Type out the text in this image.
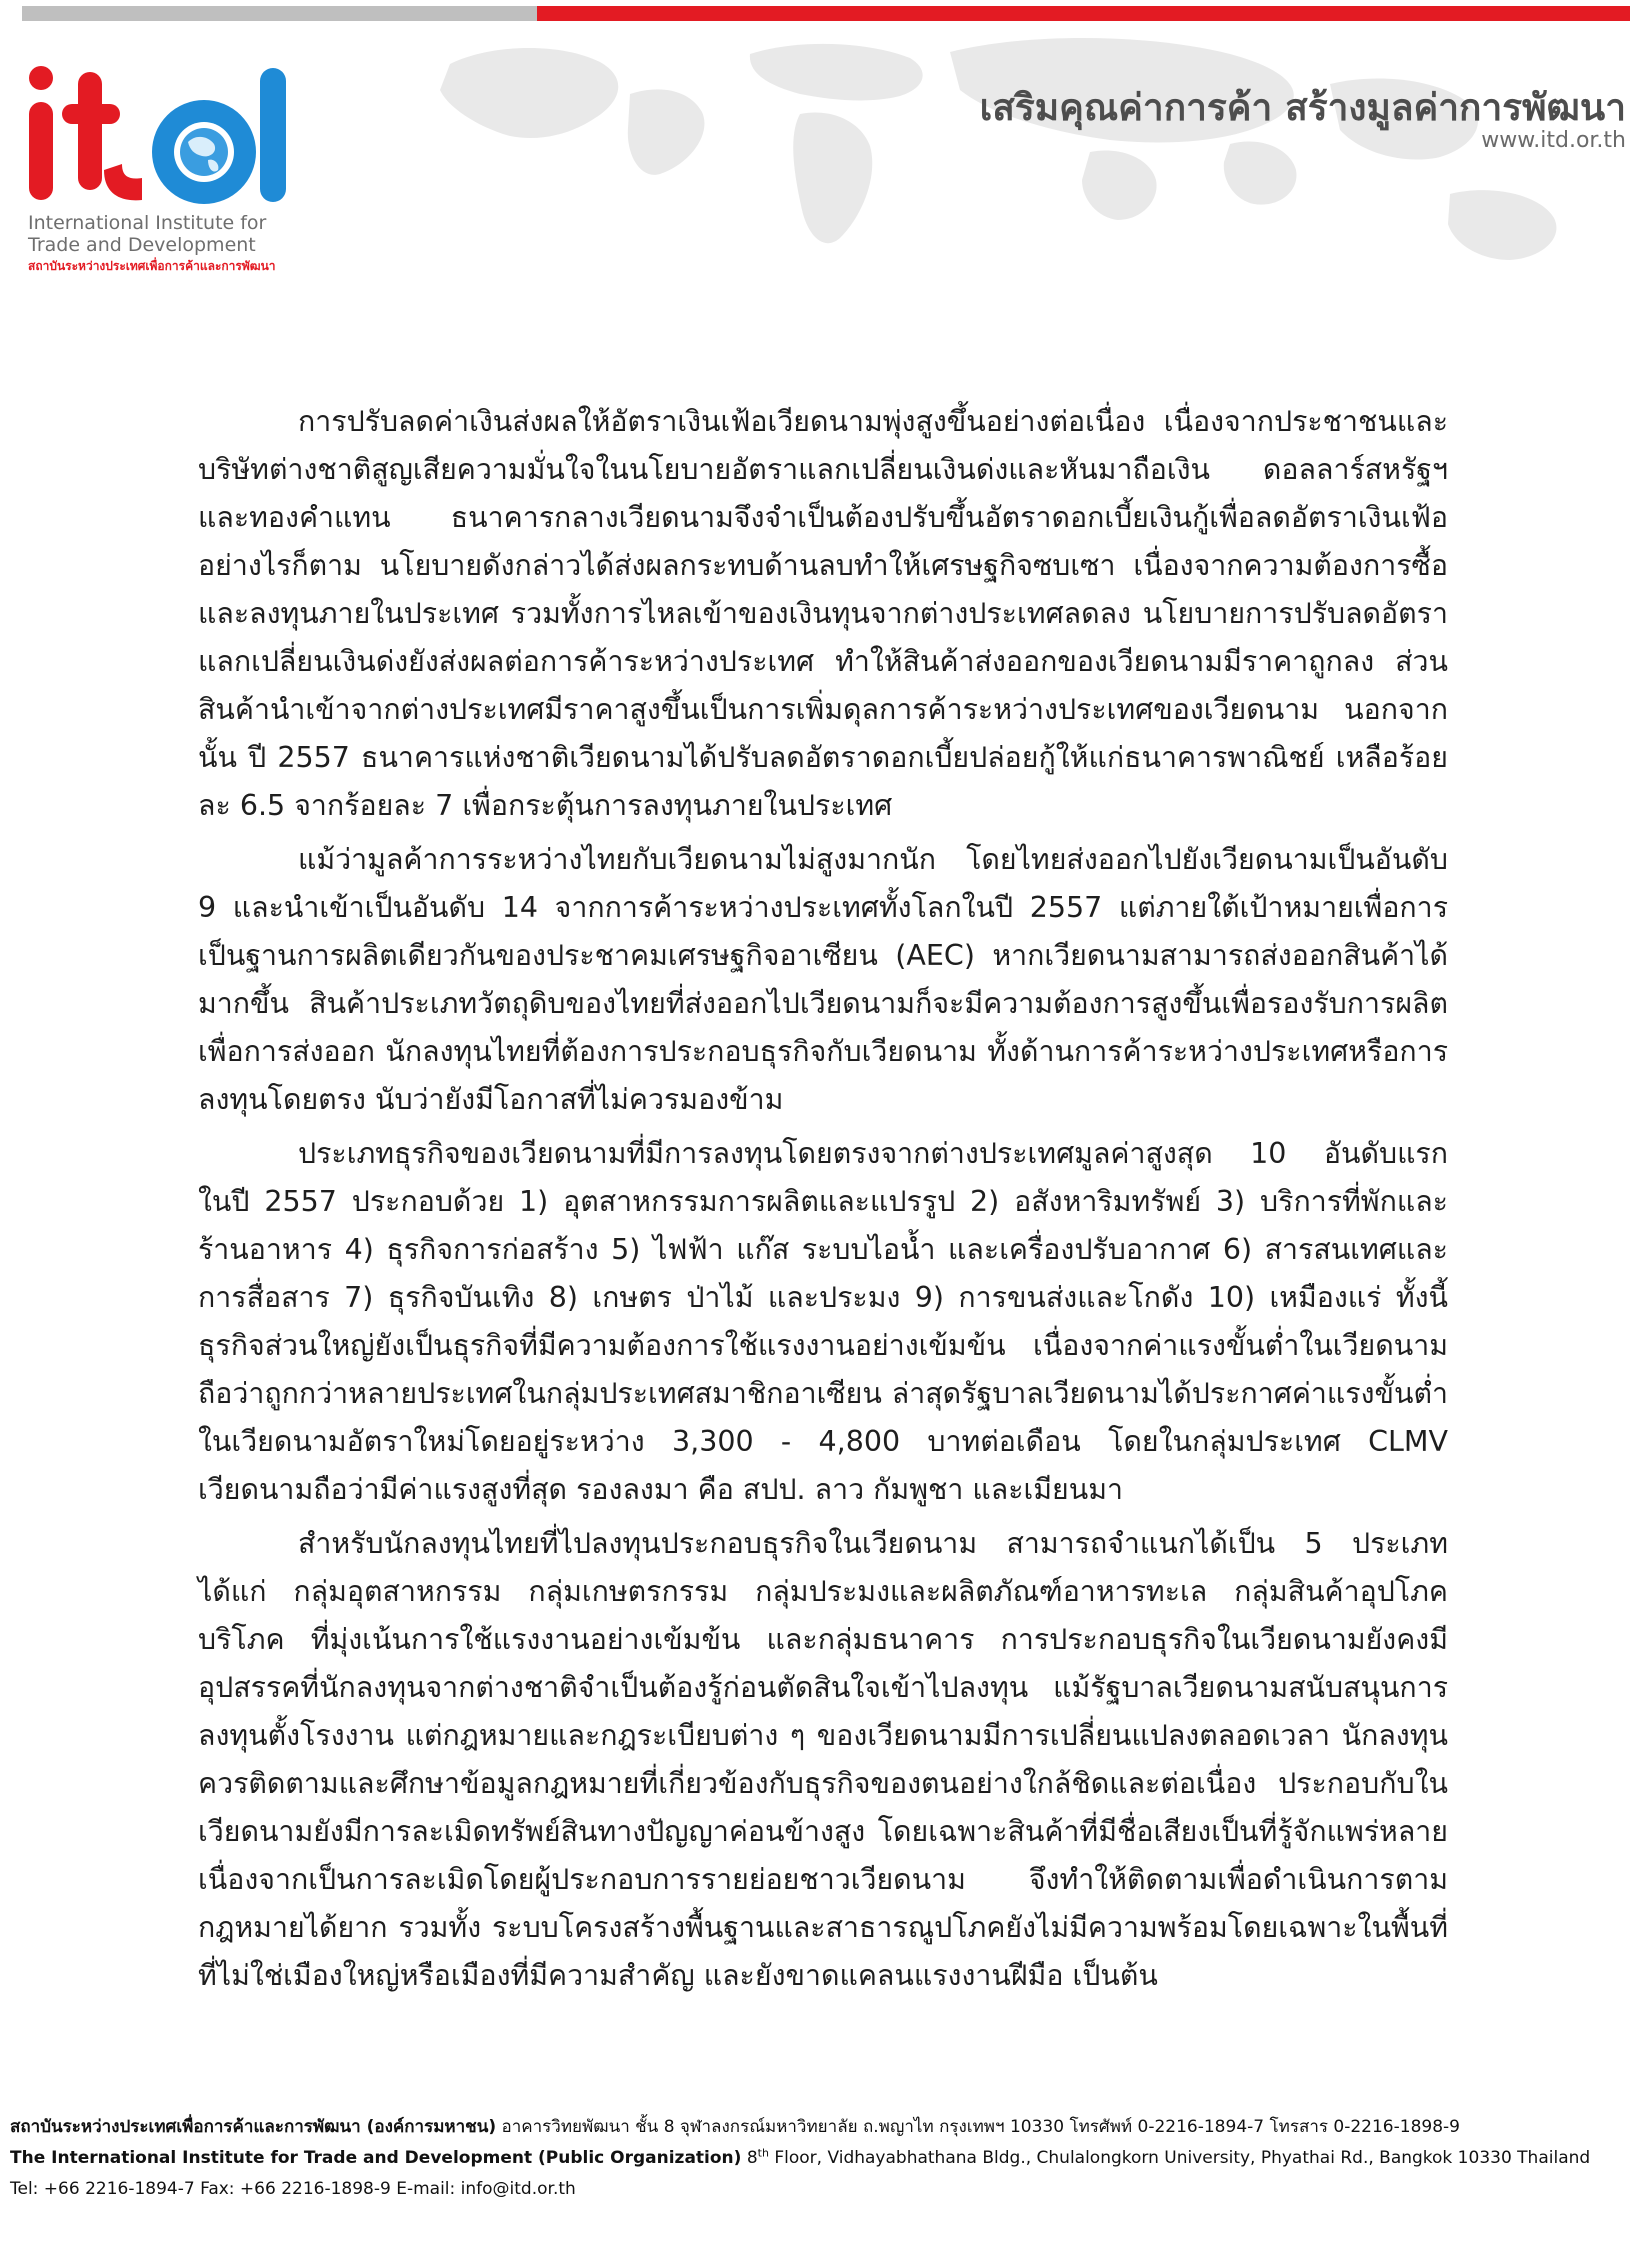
International Institute for
Trade and Development
สถาบันระหว่างประเทศเพื่อการค้าและการพัฒนา
เสริมคุณค่าการค้า สร้างมูลค่าการพัฒนา
www.itd.or.th

การปรับลดค่าเงินส่งผลให้อัตราเงินเฟ้อเวียดนามพุ่งสูงขึ้นอย่างต่อเนื่อง เนื่องจากประชาชนและบริษัทต่างชาติสูญเสียความมั่นใจในนโยบายอัตราแลกเปลี่ยนเงินด่งและหันมาถือเงิน ดอลลาร์สหรัฐฯ และทองคำแทน ธนาคารกลางเวียดนามจึงจำเป็นต้องปรับขึ้นอัตราดอกเบี้ยเงินกู้เพื่อลดอัตราเงินเฟ้อ อย่างไรก็ตาม นโยบายดังกล่าวได้ส่งผลกระทบด้านลบทำให้เศรษฐกิจซบเซา เนื่องจากความต้องการซื้อและลงทุนภายในประเทศ รวมทั้งการไหลเข้าของเงินทุนจากต่างประเทศลดลง นโยบายการปรับลดอัตราแลกเปลี่ยนเงินด่งยังส่งผลต่อการค้าระหว่างประเทศ ทำให้สินค้าส่งออกของเวียดนามมีราคาถูกลง ส่วนสินค้านำเข้าจากต่างประเทศมีราคาสูงขึ้นเป็นการเพิ่มดุลการค้าระหว่างประเทศของเวียดนาม นอกจากนั้น ปี 2557 ธนาคารแห่งชาติเวียดนามได้ปรับลดอัตราดอกเบี้ยปล่อยกู้ให้แก่ธนาคารพาณิชย์ เหลือร้อยละ 6.5 จากร้อยละ 7 เพื่อกระตุ้นการลงทุนภายในประเทศ

แม้ว่ามูลค้าการระหว่างไทยกับเวียดนามไม่สูงมากนัก โดยไทยส่งออกไปยังเวียดนามเป็นอันดับ 9 และนำเข้าเป็นอันดับ 14 จากการค้าระหว่างประเทศทั้งโลกในปี 2557 แต่ภายใต้เป้าหมายเพื่อการเป็นฐานการผลิตเดียวกันของประชาคมเศรษฐกิจอาเซียน (AEC) หากเวียดนามสามารถส่งออกสินค้าได้มากขึ้น สินค้าประเภทวัตถุดิบของไทยที่ส่งออกไปเวียดนามก็จะมีความต้องการสูงขึ้นเพื่อรองรับการผลิตเพื่อการส่งออก นักลงทุนไทยที่ต้องการประกอบธุรกิจกับเวียดนาม ทั้งด้านการค้าระหว่างประเทศหรือการลงทุนโดยตรง นับว่ายังมีโอกาสที่ไม่ควรมองข้าม

ประเภทธุรกิจของเวียดนามที่มีการลงทุนโดยตรงจากต่างประเทศมูลค่าสูงสุด 10 อันดับแรก ในปี 2557 ประกอบด้วย 1) อุตสาหกรรมการผลิตและแปรรูป 2) อสังหาริมทรัพย์ 3) บริการที่พักและร้านอาหาร 4) ธุรกิจการก่อสร้าง 5) ไฟฟ้า แก๊ส ระบบไอน้ำ และเครื่องปรับอากาศ 6) สารสนเทศและการสื่อสาร 7) ธุรกิจบันเทิง 8) เกษตร ป่าไม้ และประมง 9) การขนส่งและโกดัง 10) เหมืองแร่ ทั้งนี้ ธุรกิจส่วนใหญ่ยังเป็นธุรกิจที่มีความต้องการใช้แรงงานอย่างเข้มข้น เนื่องจากค่าแรงขั้นต่ำในเวียดนามถือว่าถูกกว่าหลายประเทศในกลุ่มประเทศสมาชิกอาเซียน ล่าสุดรัฐบาลเวียดนามได้ประกาศค่าแรงขั้นต่ำในเวียดนามอัตราใหม่โดยอยู่ระหว่าง 3,300 - 4,800 บาทต่อเดือน โดยในกลุ่มประเทศ CLMV เวียดนามถือว่ามีค่าแรงสูงที่สุด รองลงมา คือ สปป. ลาว กัมพูชา และเมียนมา

สำหรับนักลงทุนไทยที่ไปลงทุนประกอบธุรกิจในเวียดนาม สามารถจำแนกได้เป็น 5 ประเภท ได้แก่ กลุ่มอุตสาหกรรม กลุ่มเกษตรกรรม กลุ่มประมงและผลิตภัณฑ์อาหารทะเล กลุ่มสินค้าอุปโภคบริโภค ที่มุ่งเน้นการใช้แรงงานอย่างเข้มข้น และกลุ่มธนาคาร การประกอบธุรกิจในเวียดนามยังคงมีอุปสรรคที่นักลงทุนจากต่างชาติจำเป็นต้องรู้ก่อนตัดสินใจเข้าไปลงทุน แม้รัฐบาลเวียดนามสนับสนุนการลงทุนตั้งโรงงาน แต่กฎหมายและกฎระเบียบต่าง ๆ ของเวียดนามมีการเปลี่ยนแปลงตลอดเวลา นักลงทุนควรติดตามและศึกษาข้อมูลกฎหมายที่เกี่ยวข้องกับธุรกิจของตนอย่างใกล้ชิดและต่อเนื่อง ประกอบกับในเวียดนามยังมีการละเมิดทรัพย์สินทางปัญญาค่อนข้างสูง โดยเฉพาะสินค้าที่มีชื่อเสียงเป็นที่รู้จักแพร่หลาย เนื่องจากเป็นการละเมิดโดยผู้ประกอบการรายย่อยชาวเวียดนาม จึงทำให้ติดตามเพื่อดำเนินการตามกฎหมายได้ยาก รวมทั้ง ระบบโครงสร้างพื้นฐานและสาธารณูปโภคยังไม่มีความพร้อมโดยเฉพาะในพื้นที่ที่ไม่ใช่เมืองใหญ่หรือเมืองที่มีความสำคัญ และยังขาดแคลนแรงงานฝีมือ เป็นต้น

สถาบันระหว่างประเทศเพื่อการค้าและการพัฒนา (องค์การมหาชน) อาคารวิทยพัฒนา ชั้น 8 จุฬาลงกรณ์มหาวิทยาลัย ถ.พญาไท กรุงเทพฯ 10330 โทรศัพท์ 0-2216-1894-7 โทรสาร 0-2216-1898-9
The International Institute for Trade and Development (Public Organization) 8th Floor, Vidhayabhathana Bldg., Chulalongkorn University, Phyathai Rd., Bangkok 10330 Thailand
Tel: +66 2216-1894-7 Fax: +66 2216-1898-9 E-mail: info@itd.or.th
